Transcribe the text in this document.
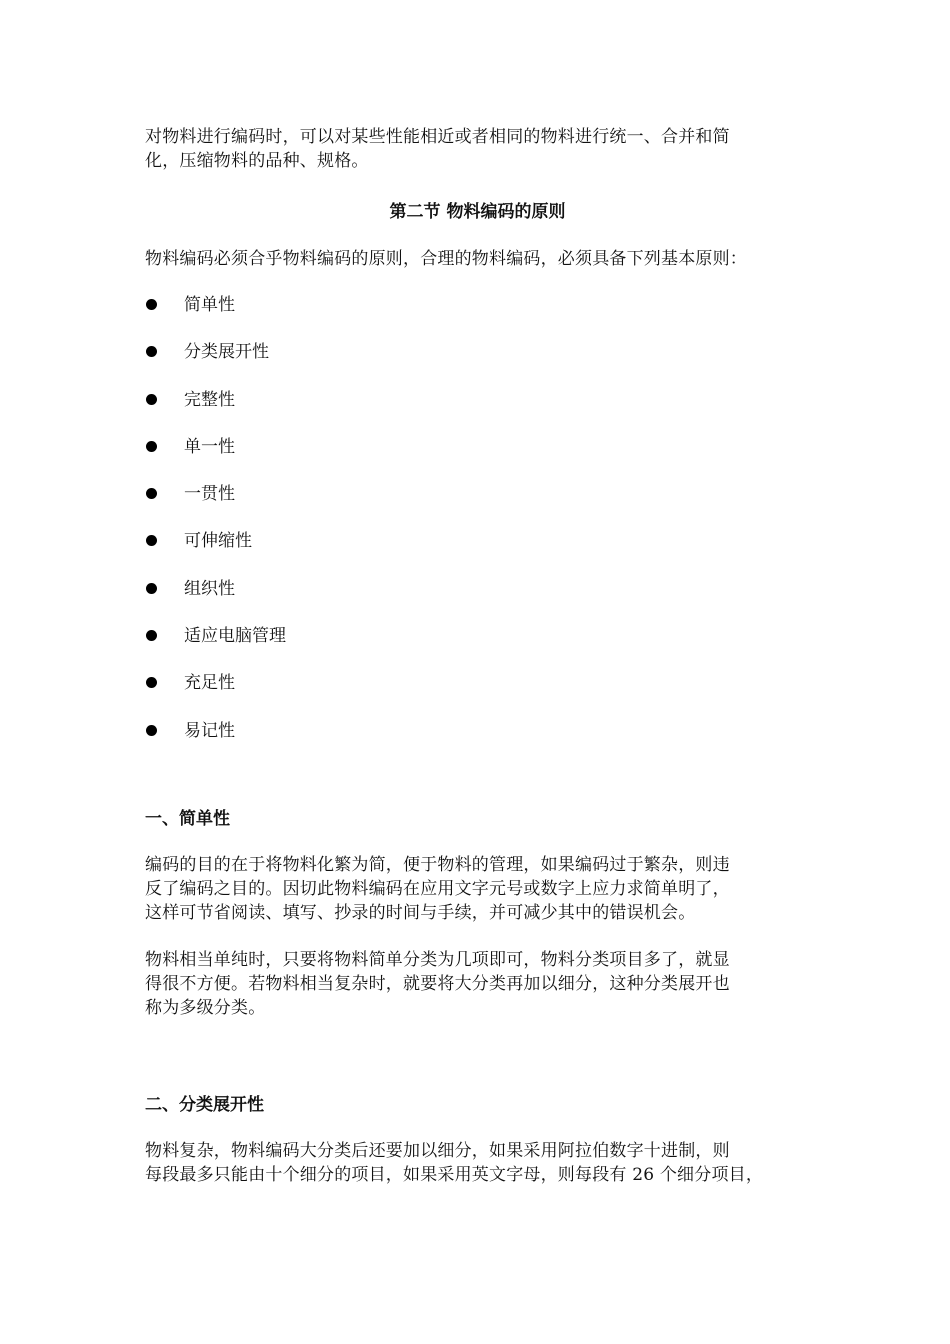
对物料进行编码时，可以对某些性能相近或者相同的物料进行统一、合并和简
化，压缩物料的品种、规格。

第二节 物料编码的原则

物料编码必须合乎物料编码的原则，合理的物料编码，必须具备下列基本原则：

简单性
分类展开性
完整性
单一性
一贯性
可伸缩性
组织性
适应电脑管理
充足性
易记性
一、简单性

编码的目的在于将物料化繁为简，便于物料的管理，如果编码过于繁杂，则违
反了编码之目的。因切此物料编码在应用文字元号或数字上应力求简单明了，
这样可节省阅读、填写、抄录的时间与手续，并可减少其中的错误机会。

物料相当单纯时，只要将物料简单分类为几项即可，物料分类项目多了，就显
得很不方便。若物料相当复杂时，就要将大分类再加以细分，这种分类展开也
称为多级分类。

二、分类展开性

物料复杂，物料编码大分类后还要加以细分，如果采用阿拉伯数字十进制，则
每段最多只能由十个细分的项目，如果采用英文字母，则每段有 26 个细分项目，
